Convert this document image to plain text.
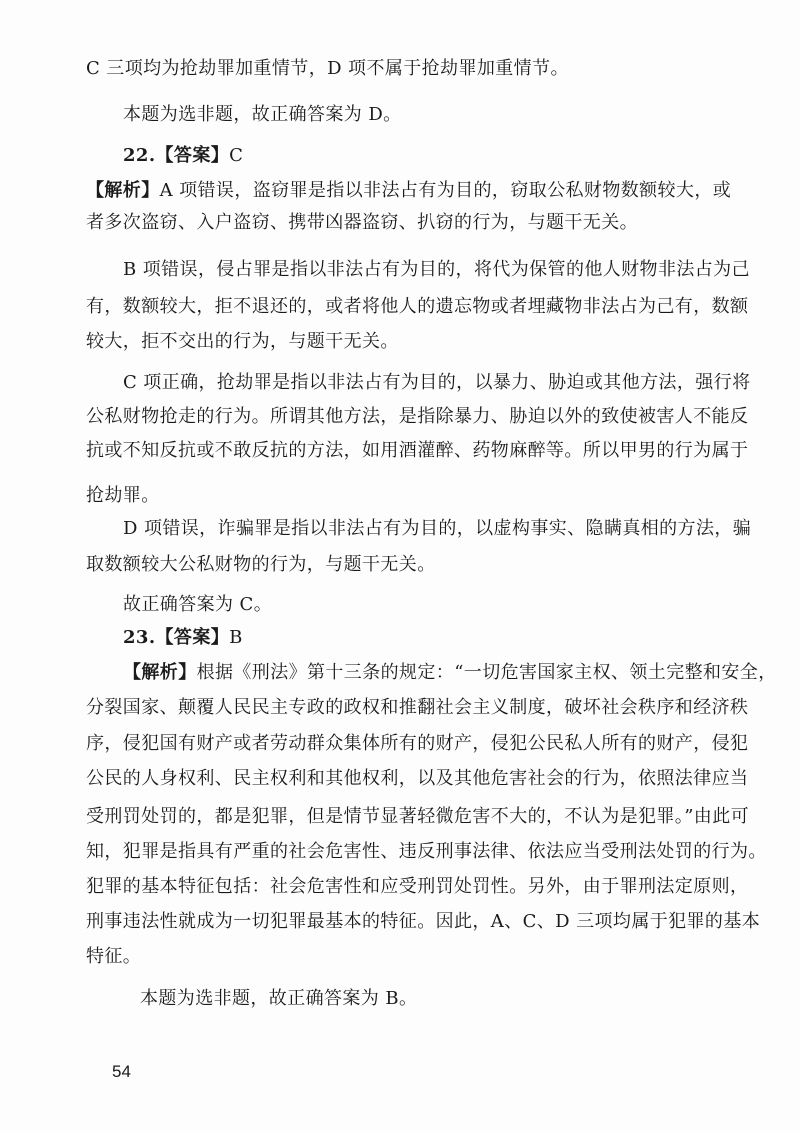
C 三项均为抢劫罪加重情节，D 项不属于抢劫罪加重情节。
本题为选非题，故正确答案为 D。
22.【答案】C
【解析】A 项错误，盗窃罪是指以非法占有为目的，窃取公私财物数额较大，或
者多次盗窃、入户盗窃、携带凶器盗窃、扒窃的行为，与题干无关。
B 项错误，侵占罪是指以非法占有为目的，将代为保管的他人财物非法占为己
有，数额较大，拒不退还的，或者将他人的遗忘物或者埋藏物非法占为己有，数额
较大，拒不交出的行为，与题干无关。
C 项正确，抢劫罪是指以非法占有为目的，以暴力、胁迫或其他方法，强行将
公私财物抢走的行为。所谓其他方法，是指除暴力、胁迫以外的致使被害人不能反
抗或不知反抗或不敢反抗的方法，如用酒灌醉、药物麻醉等。所以甲男的行为属于
抢劫罪。
D 项错误，诈骗罪是指以非法占有为目的，以虚构事实、隐瞒真相的方法，骗
取数额较大公私财物的行为，与题干无关。
故正确答案为 C。
23.【答案】B
【解析】根据《刑法》第十三条的规定：“一切危害国家主权、领土完整和安全，
分裂国家、颠覆人民民主专政的政权和推翻社会主义制度，破坏社会秩序和经济秩
序，侵犯国有财产或者劳动群众集体所有的财产，侵犯公民私人所有的财产，侵犯
公民的人身权利、民主权利和其他权利，以及其他危害社会的行为，依照法律应当
受刑罚处罚的，都是犯罪，但是情节显著轻微危害不大的，不认为是犯罪。”由此可
知，犯罪是指具有严重的社会危害性、违反刑事法律、依法应当受刑法处罚的行为。
犯罪的基本特征包括：社会危害性和应受刑罚处罚性。另外，由于罪刑法定原则，
刑事违法性就成为一切犯罪最基本的特征。因此，A、C、D 三项均属于犯罪的基本
特征。
本题为选非题，故正确答案为 B。
54
